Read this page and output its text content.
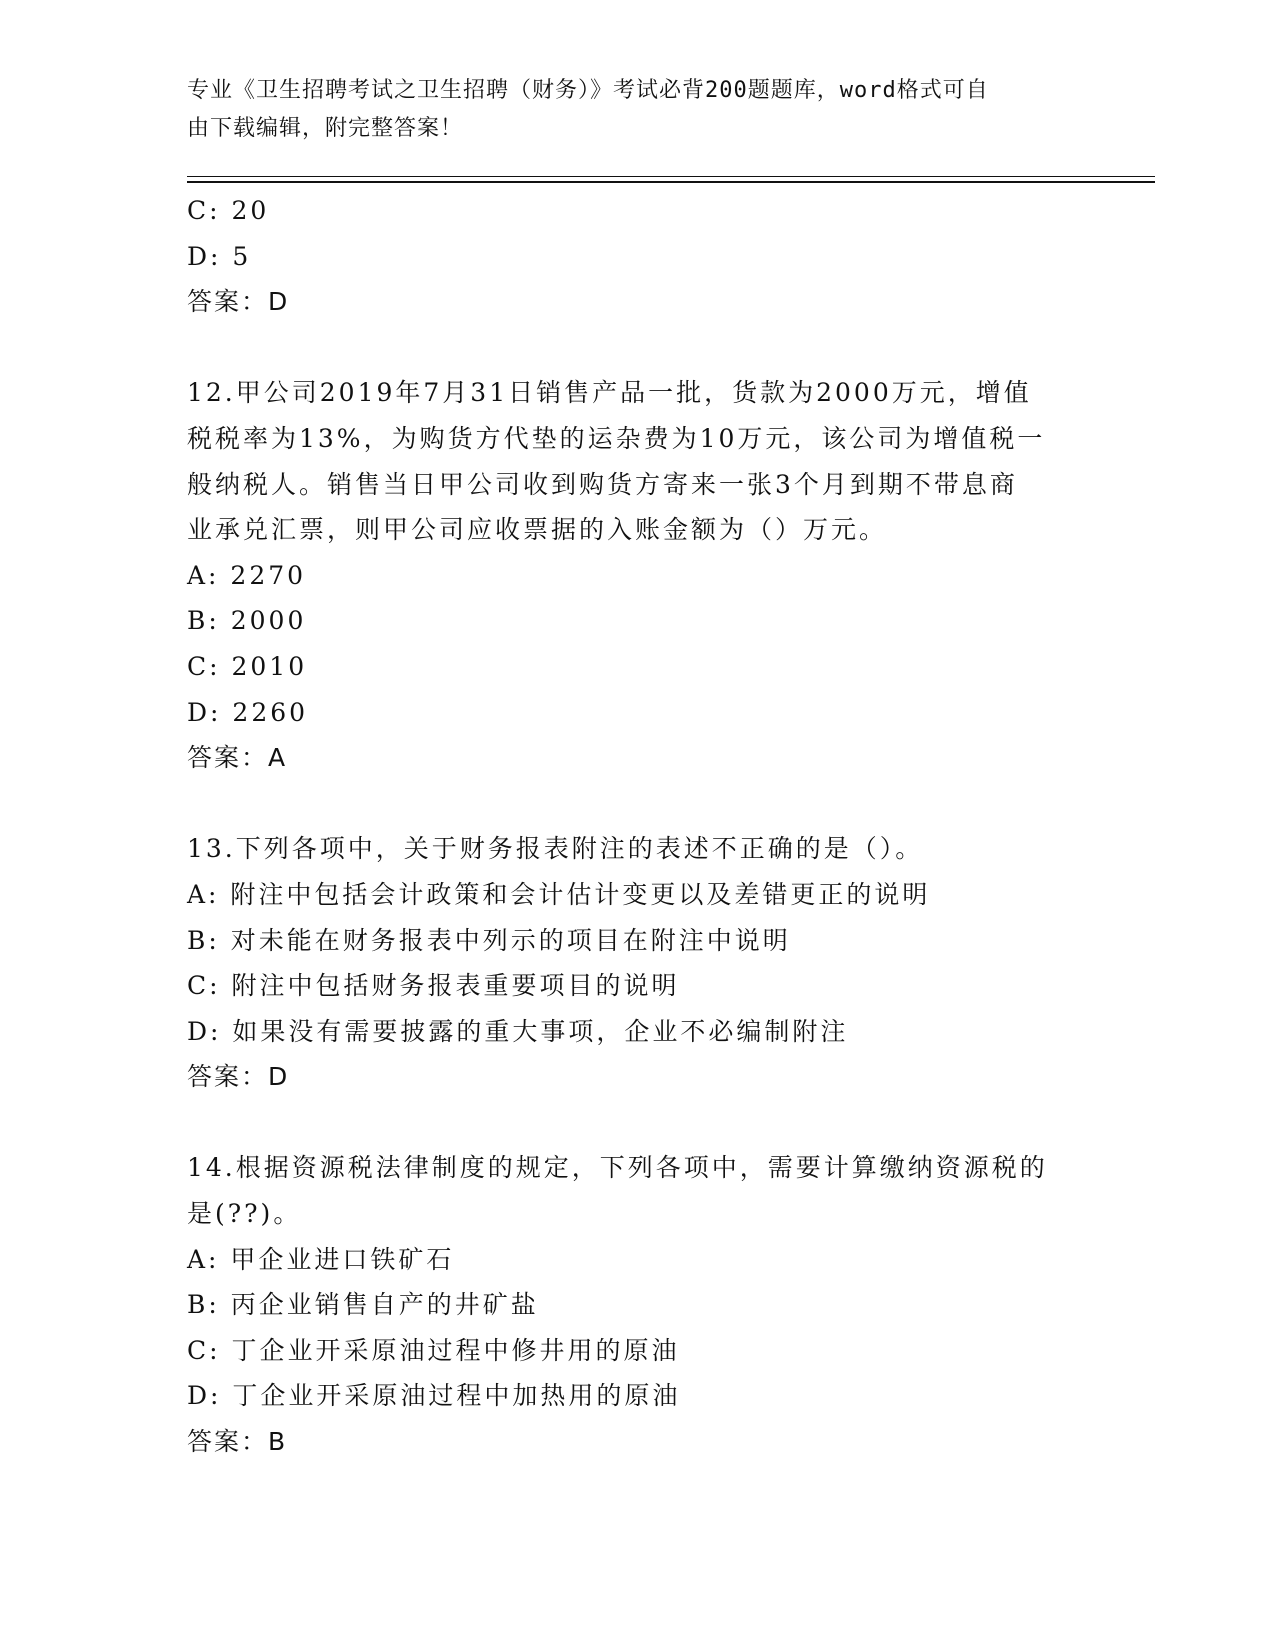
专业《卫生招聘考试之卫生招聘（财务）》考试必背200题题库，word格式可自
由下载编辑，附完整答案！
C: 20
D: 5
答案：D
12.甲公司2019年7月31日销售产品一批，货款为2000万元，增值
税税率为13%，为购货方代垫的运杂费为10万元，该公司为增值税一
般纳税人。销售当日甲公司收到购货方寄来一张3个月到期不带息商
业承兑汇票，则甲公司应收票据的入账金额为（）万元。
A: 2270
B: 2000
C: 2010
D: 2260
答案：A
13.下列各项中，关于财务报表附注的表述不正确的是（）。
A: 附注中包括会计政策和会计估计变更以及差错更正的说明
B: 对未能在财务报表中列示的项目在附注中说明
C: 附注中包括财务报表重要项目的说明
D: 如果没有需要披露的重大事项，企业不必编制附注
答案：D
14.根据资源税法律制度的规定，下列各项中，需要计算缴纳资源税的
是(??)。
A: 甲企业进口铁矿石
B: 丙企业销售自产的井矿盐
C: 丁企业开采原油过程中修井用的原油
D: 丁企业开采原油过程中加热用的原油
答案：B
